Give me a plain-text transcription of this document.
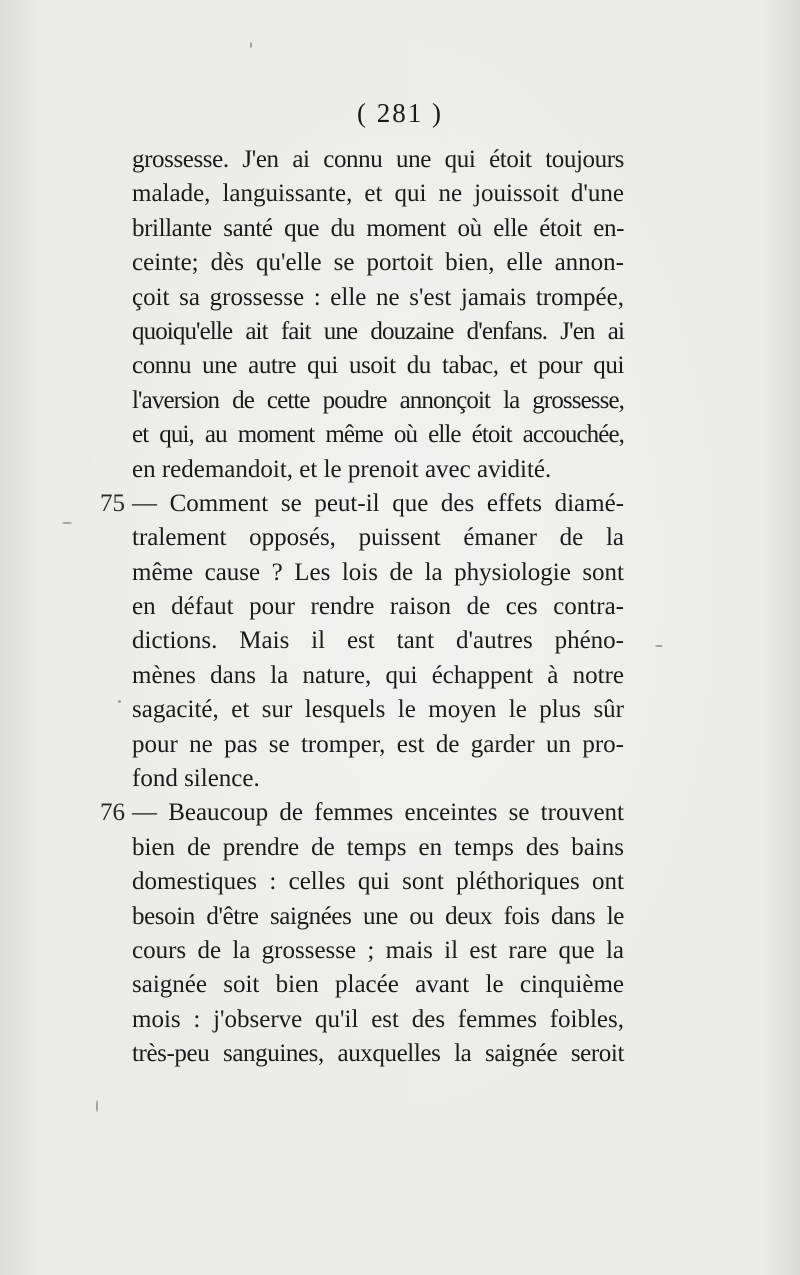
( 281 )
grossesse. J'en ai connu une qui étoit toujours
malade, languissante, et qui ne jouissoit d'une
brillante santé que du moment où elle étoit en-
ceinte; dès qu'elle se portoit bien, elle annon-
çoit sa grossesse : elle ne s'est jamais trompée,
quoiqu'elle ait fait une douzaine d'enfans. J'en ai
connu une autre qui usoit du tabac, et pour qui
l'aversion de cette poudre annonçoit la grossesse,
et qui, au moment même où elle étoit accouchée,
en redemandoit, et le prenoit avec avidité.
75 — Comment se peut-il que des effets diamé-
tralement opposés, puissent émaner de la
même cause ? Les lois de la physiologie sont
en défaut pour rendre raison de ces contra-
dictions. Mais il est tant d'autres phéno-
mènes dans la nature, qui échappent à notre
sagacité, et sur lesquels le moyen le plus sûr
pour ne pas se tromper, est de garder un pro-
fond silence.
76 — Beaucoup de femmes enceintes se trouvent
bien de prendre de temps en temps des bains
domestiques : celles qui sont pléthoriques ont
besoin d'être saignées une ou deux fois dans le
cours de la grossesse ; mais il est rare que la
saignée soit bien placée avant le cinquième
mois : j'observe qu'il est des femmes foibles,
très-peu sanguines, auxquelles la saignée seroit
